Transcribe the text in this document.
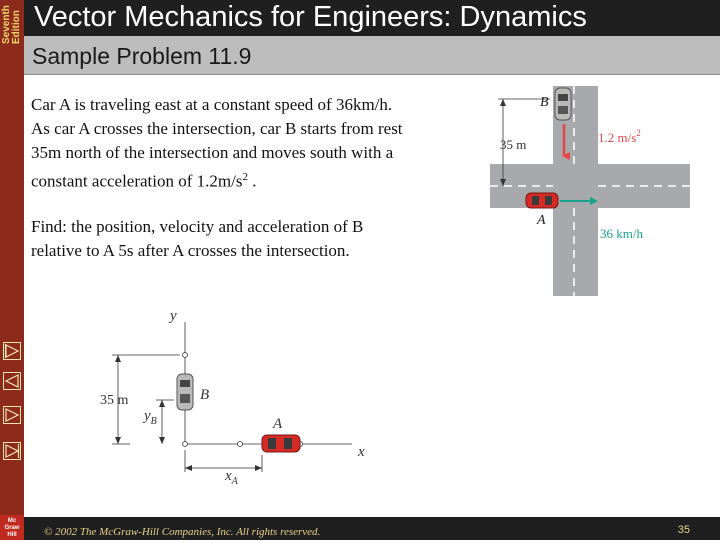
Seventh Edition Vector Mechanics for Engineers: Dynamics
Sample Problem 11.9
Car A is traveling east at a constant speed of 36km/h.
As car A crosses the intersection, car B starts from rest
35m north of the intersection and moves south with a
constant acceleration of $1.2m/s^2$ .
Find: the position, velocity and acceleration of B
relative to A 5s after A crosses the intersection.
35 m
B
A
1.2 $m/s^2$
36 km/h
y
x
B
A
35 m
$y_B$
$x_A$
© 2002 The McGraw-Hill Companies, Inc. All rights reserved.	35
Mc
Graw
Hill
